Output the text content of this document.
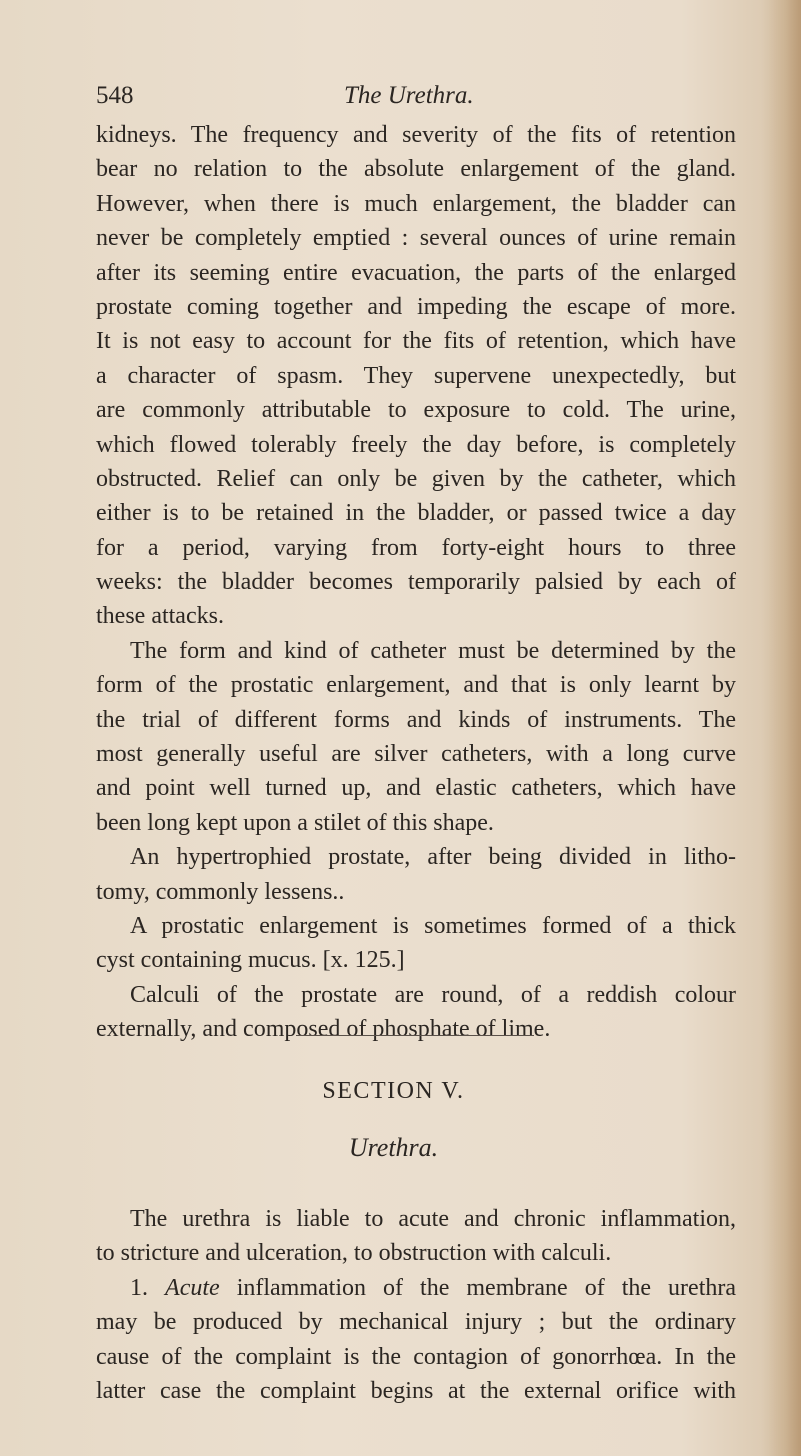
548	The Urethra.
kidneys. The frequency and severity of the fits of retention
bear no relation to the absolute enlargement of the gland.
However, when there is much enlargement, the bladder can
never be completely emptied : several ounces of urine remain
after its seeming entire evacuation, the parts of the enlarged
prostate coming together and impeding the escape of more.
It is not easy to account for the fits of retention, which have
a character of spasm. They supervene unexpectedly, but
are commonly attributable to exposure to cold. The urine,
which flowed tolerably freely the day before, is completely
obstructed. Relief can only be given by the catheter, which
either is to be retained in the bladder, or passed twice a day
for a period, varying from forty-eight hours to three
weeks: the bladder becomes temporarily palsied by each of
these attacks.
The form and kind of catheter must be determined by the
form of the prostatic enlargement, and that is only learnt by
the trial of different forms and kinds of instruments. The
most generally useful are silver catheters, with a long curve
and point well turned up, and elastic catheters, which have
been long kept upon a stilet of this shape.
An hypertrophied prostate, after being divided in litho-
tomy, commonly lessens..
A prostatic enlargement is sometimes formed of a thick
cyst containing mucus. [x. 125.]
Calculi of the prostate are round, of a reddish colour
externally, and composed of phosphate of lime.
SECTION V.
Urethra.
The urethra is liable to acute and chronic inflammation,
to stricture and ulceration, to obstruction with calculi.
1. Acute inflammation of the membrane of the urethra
may be produced by mechanical injury ; but the ordinary
cause of the complaint is the contagion of gonorrhœa. In the
latter case the complaint begins at the external orifice with
